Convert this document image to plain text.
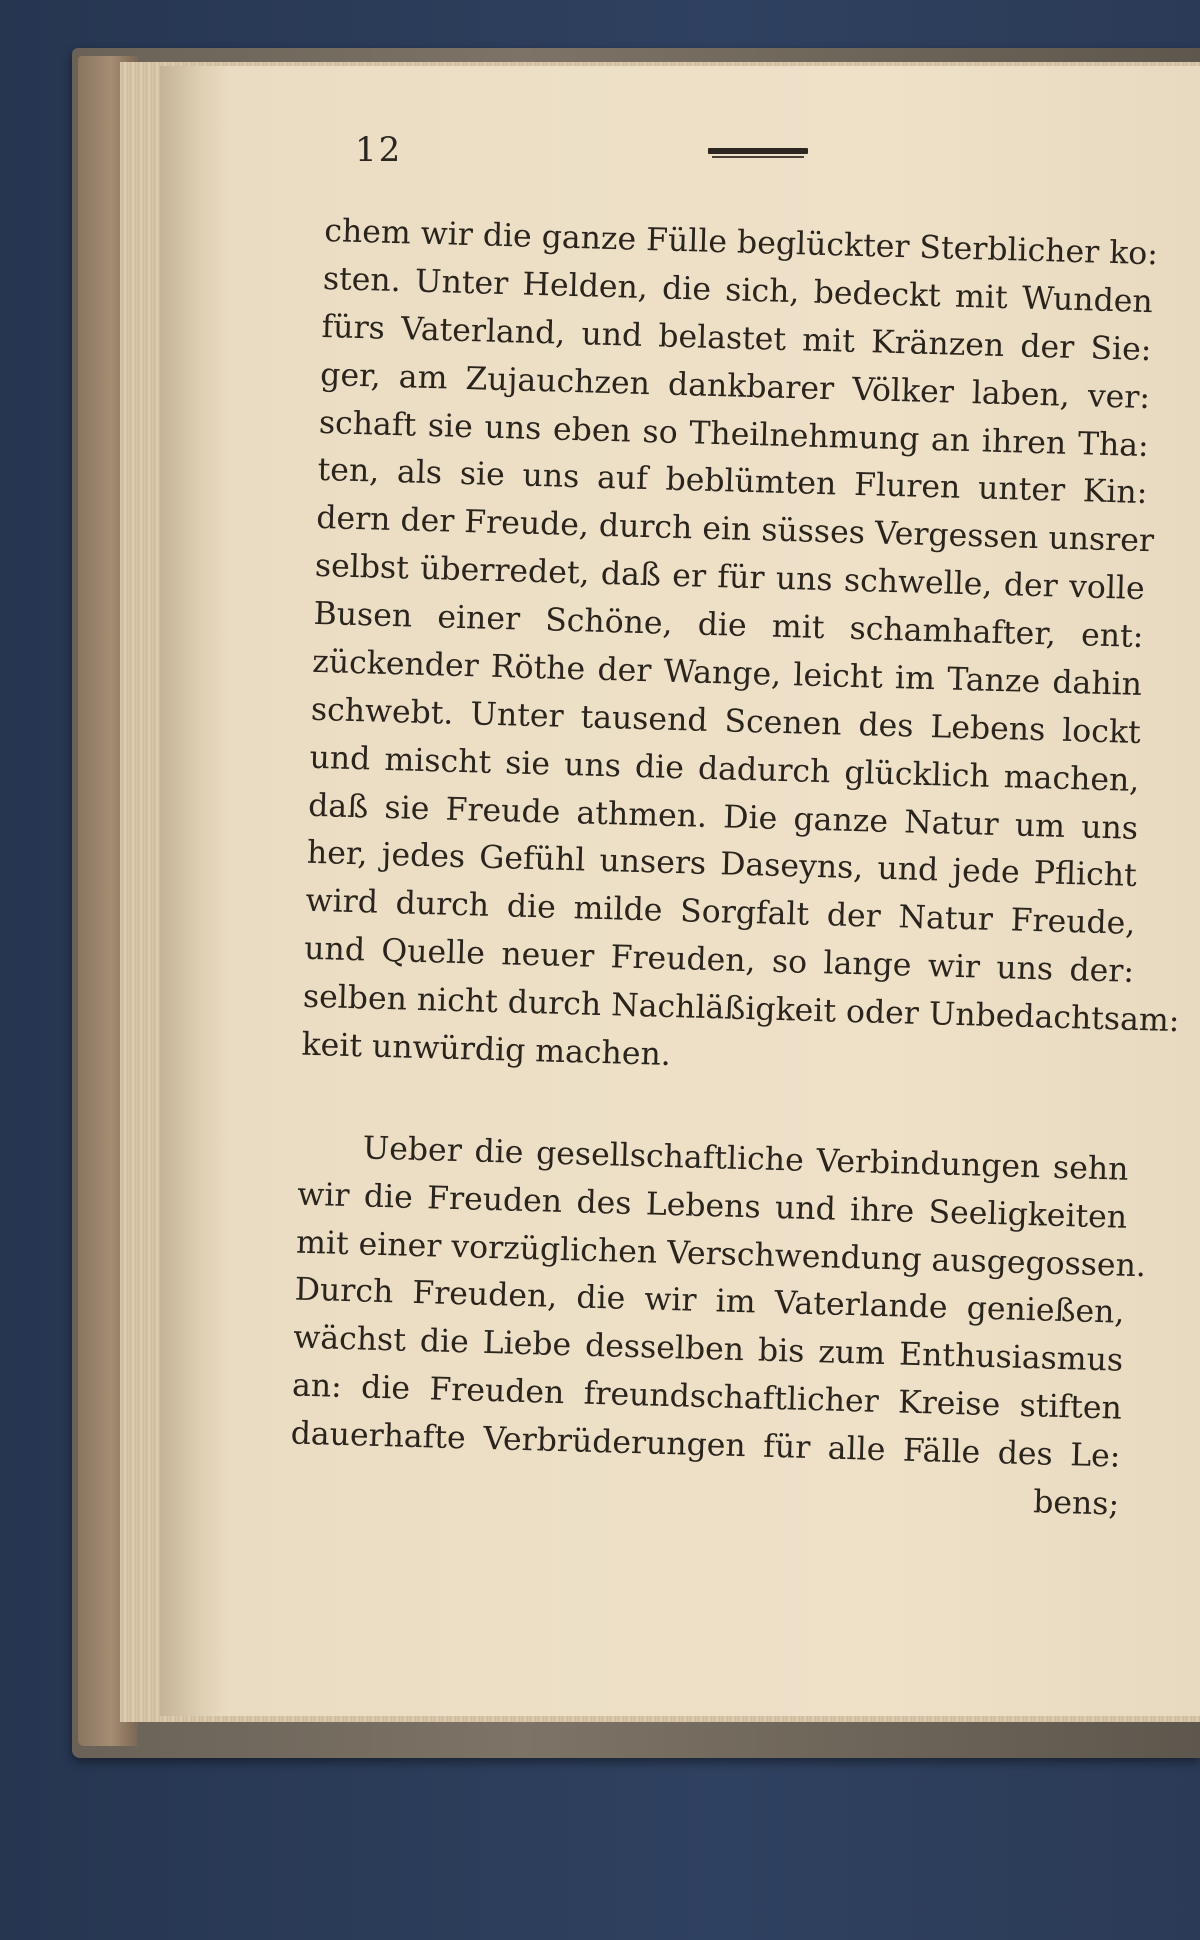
12
chem wir die ganze Fülle beglückter Sterblicher ko:
sten. Unter Helden, die sich, bedeckt mit Wunden
fürs Vaterland, und belastet mit Kränzen der Sie:
ger, am Zujauchzen dankbarer Völker laben, ver:
schaft sie uns eben so Theilnehmung an ihren Tha:
ten, als sie uns auf beblümten Fluren unter Kin:
dern der Freude, durch ein süsses Vergessen unsrer
selbst überredet, daß er für uns schwelle, der volle
Busen einer Schöne, die mit schamhafter, ent:
zückender Röthe der Wange, leicht im Tanze dahin
schwebt. Unter tausend Scenen des Lebens lockt
und mischt sie uns die dadurch glücklich machen,
daß sie Freude athmen. Die ganze Natur um uns
her, jedes Gefühl unsers Daseyns, und jede Pflicht
wird durch die milde Sorgfalt der Natur Freude,
und Quelle neuer Freuden, so lange wir uns der:
selben nicht durch Nachläßigkeit oder Unbedachtsam:
keit unwürdig machen.
Ueber die gesellschaftliche Verbindungen sehn
wir die Freuden des Lebens und ihre Seeligkeiten
mit einer vorzüglichen Verschwendung ausgegossen.
Durch Freuden, die wir im Vaterlande genießen,
wächst die Liebe desselben bis zum Enthusiasmus
an: die Freuden freundschaftlicher Kreise stiften
dauerhafte Verbrüderungen für alle Fälle des Le:
bens;
